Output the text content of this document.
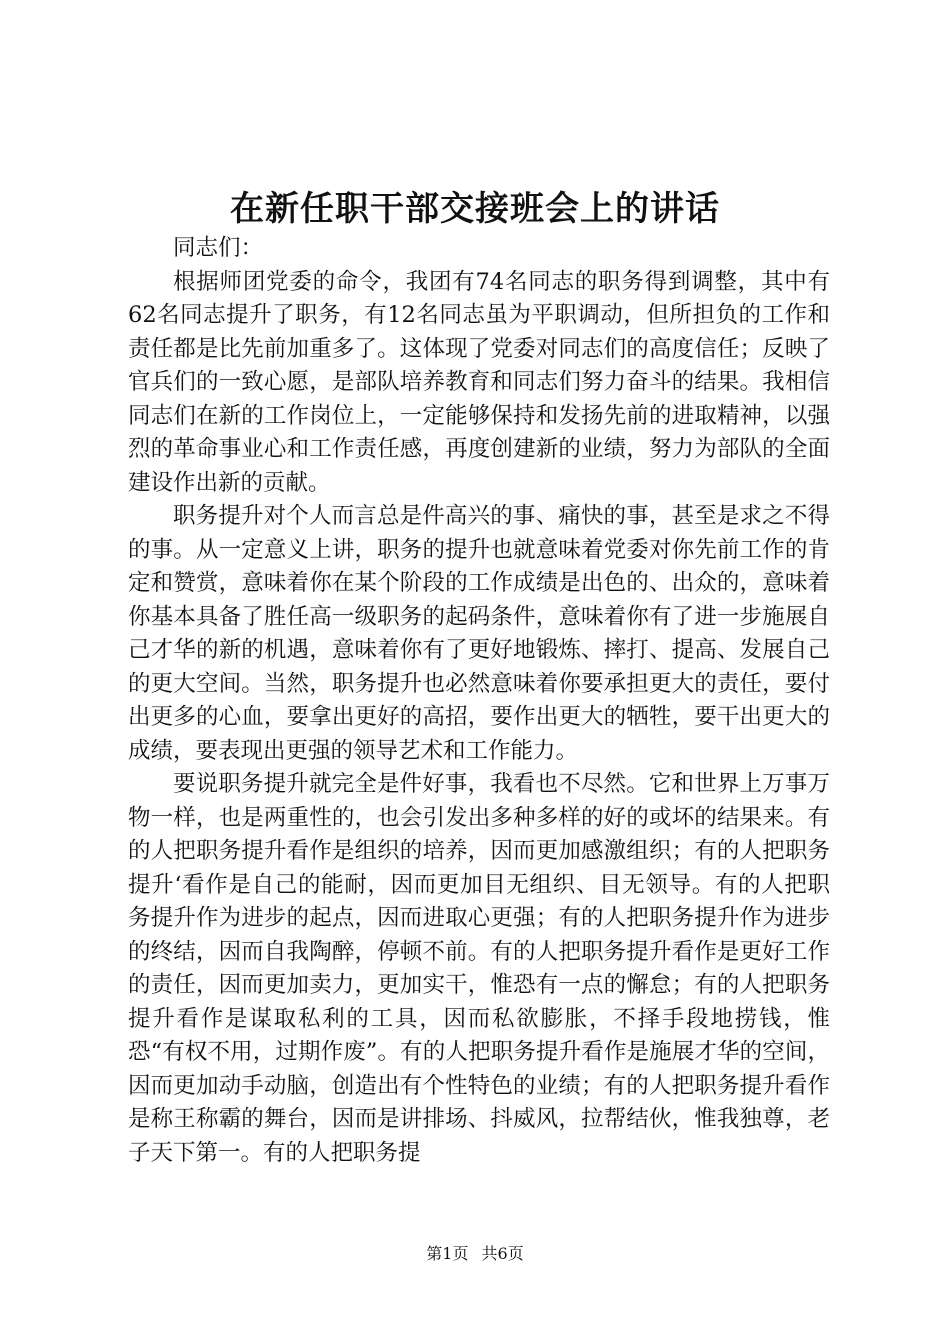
在新任职干部交接班会上的讲话
同志们：

根据师团党委的命令，我团有74名同志的职务得到调整，其中有62名同志提升了职务，有12名同志虽为平职调动，但所担负的工作和责任都是比先前加重多了。这体现了党委对同志们的高度信任；反映了官兵们的一致心愿，是部队培养教育和同志们努力奋斗的结果。我相信同志们在新的工作岗位上，一定能够保持和发扬先前的进取精神，以强烈的革命事业心和工作责任感，再度创建新的业绩，努力为部队的全面建设作出新的贡献。

职务提升对个人而言总是件高兴的事、痛快的事，甚至是求之不得的事。从一定意义上讲，职务的提升也就意味着党委对你先前工作的肯定和赞赏，意味着你在某个阶段的工作成绩是出色的、出众的，意味着你基本具备了胜任高一级职务的起码条件，意味着你有了进一步施展自己才华的新的机遇，意味着你有了更好地锻炼、摔打、提高、发展自己的更大空间。当然，职务提升也必然意味着你要承担更大的责任，要付出更多的心血，要拿出更好的高招，要作出更大的牺牲，要干出更大的成绩，要表现出更强的领导艺术和工作能力。

要说职务提升就完全是件好事，我看也不尽然。它和世界上万事万物一样，也是两重性的，也会引发出多种多样的好的或坏的结果来。有的人把职务提升看作是组织的培养，因而更加感激组织；有的人把职务提升‘看作是自己的能耐，因而更加目无组织、目无领导。有的人把职务提升作为进步的起点，因而进取心更强；有的人把职务提升作为进步的终结，因而自我陶醉，停顿不前。有的人把职务提升看作是更好工作的责任，因而更加卖力，更加实干，惟恐有一点的懈怠；有的人把职务提升看作是谋取私利的工具，因而私欲膨胀，不择手段地捞钱，惟恐“有权不用，过期作废”。有的人把职务提升看作是施展才华的空间，因而更加动手动脑，创造出有个性特色的业绩；有的人把职务提升看作是称王称霸的舞台，因而是讲排场、抖威风，拉帮结伙，惟我独尊，老子天下第一。有的人把职务提

第1页 共6页
